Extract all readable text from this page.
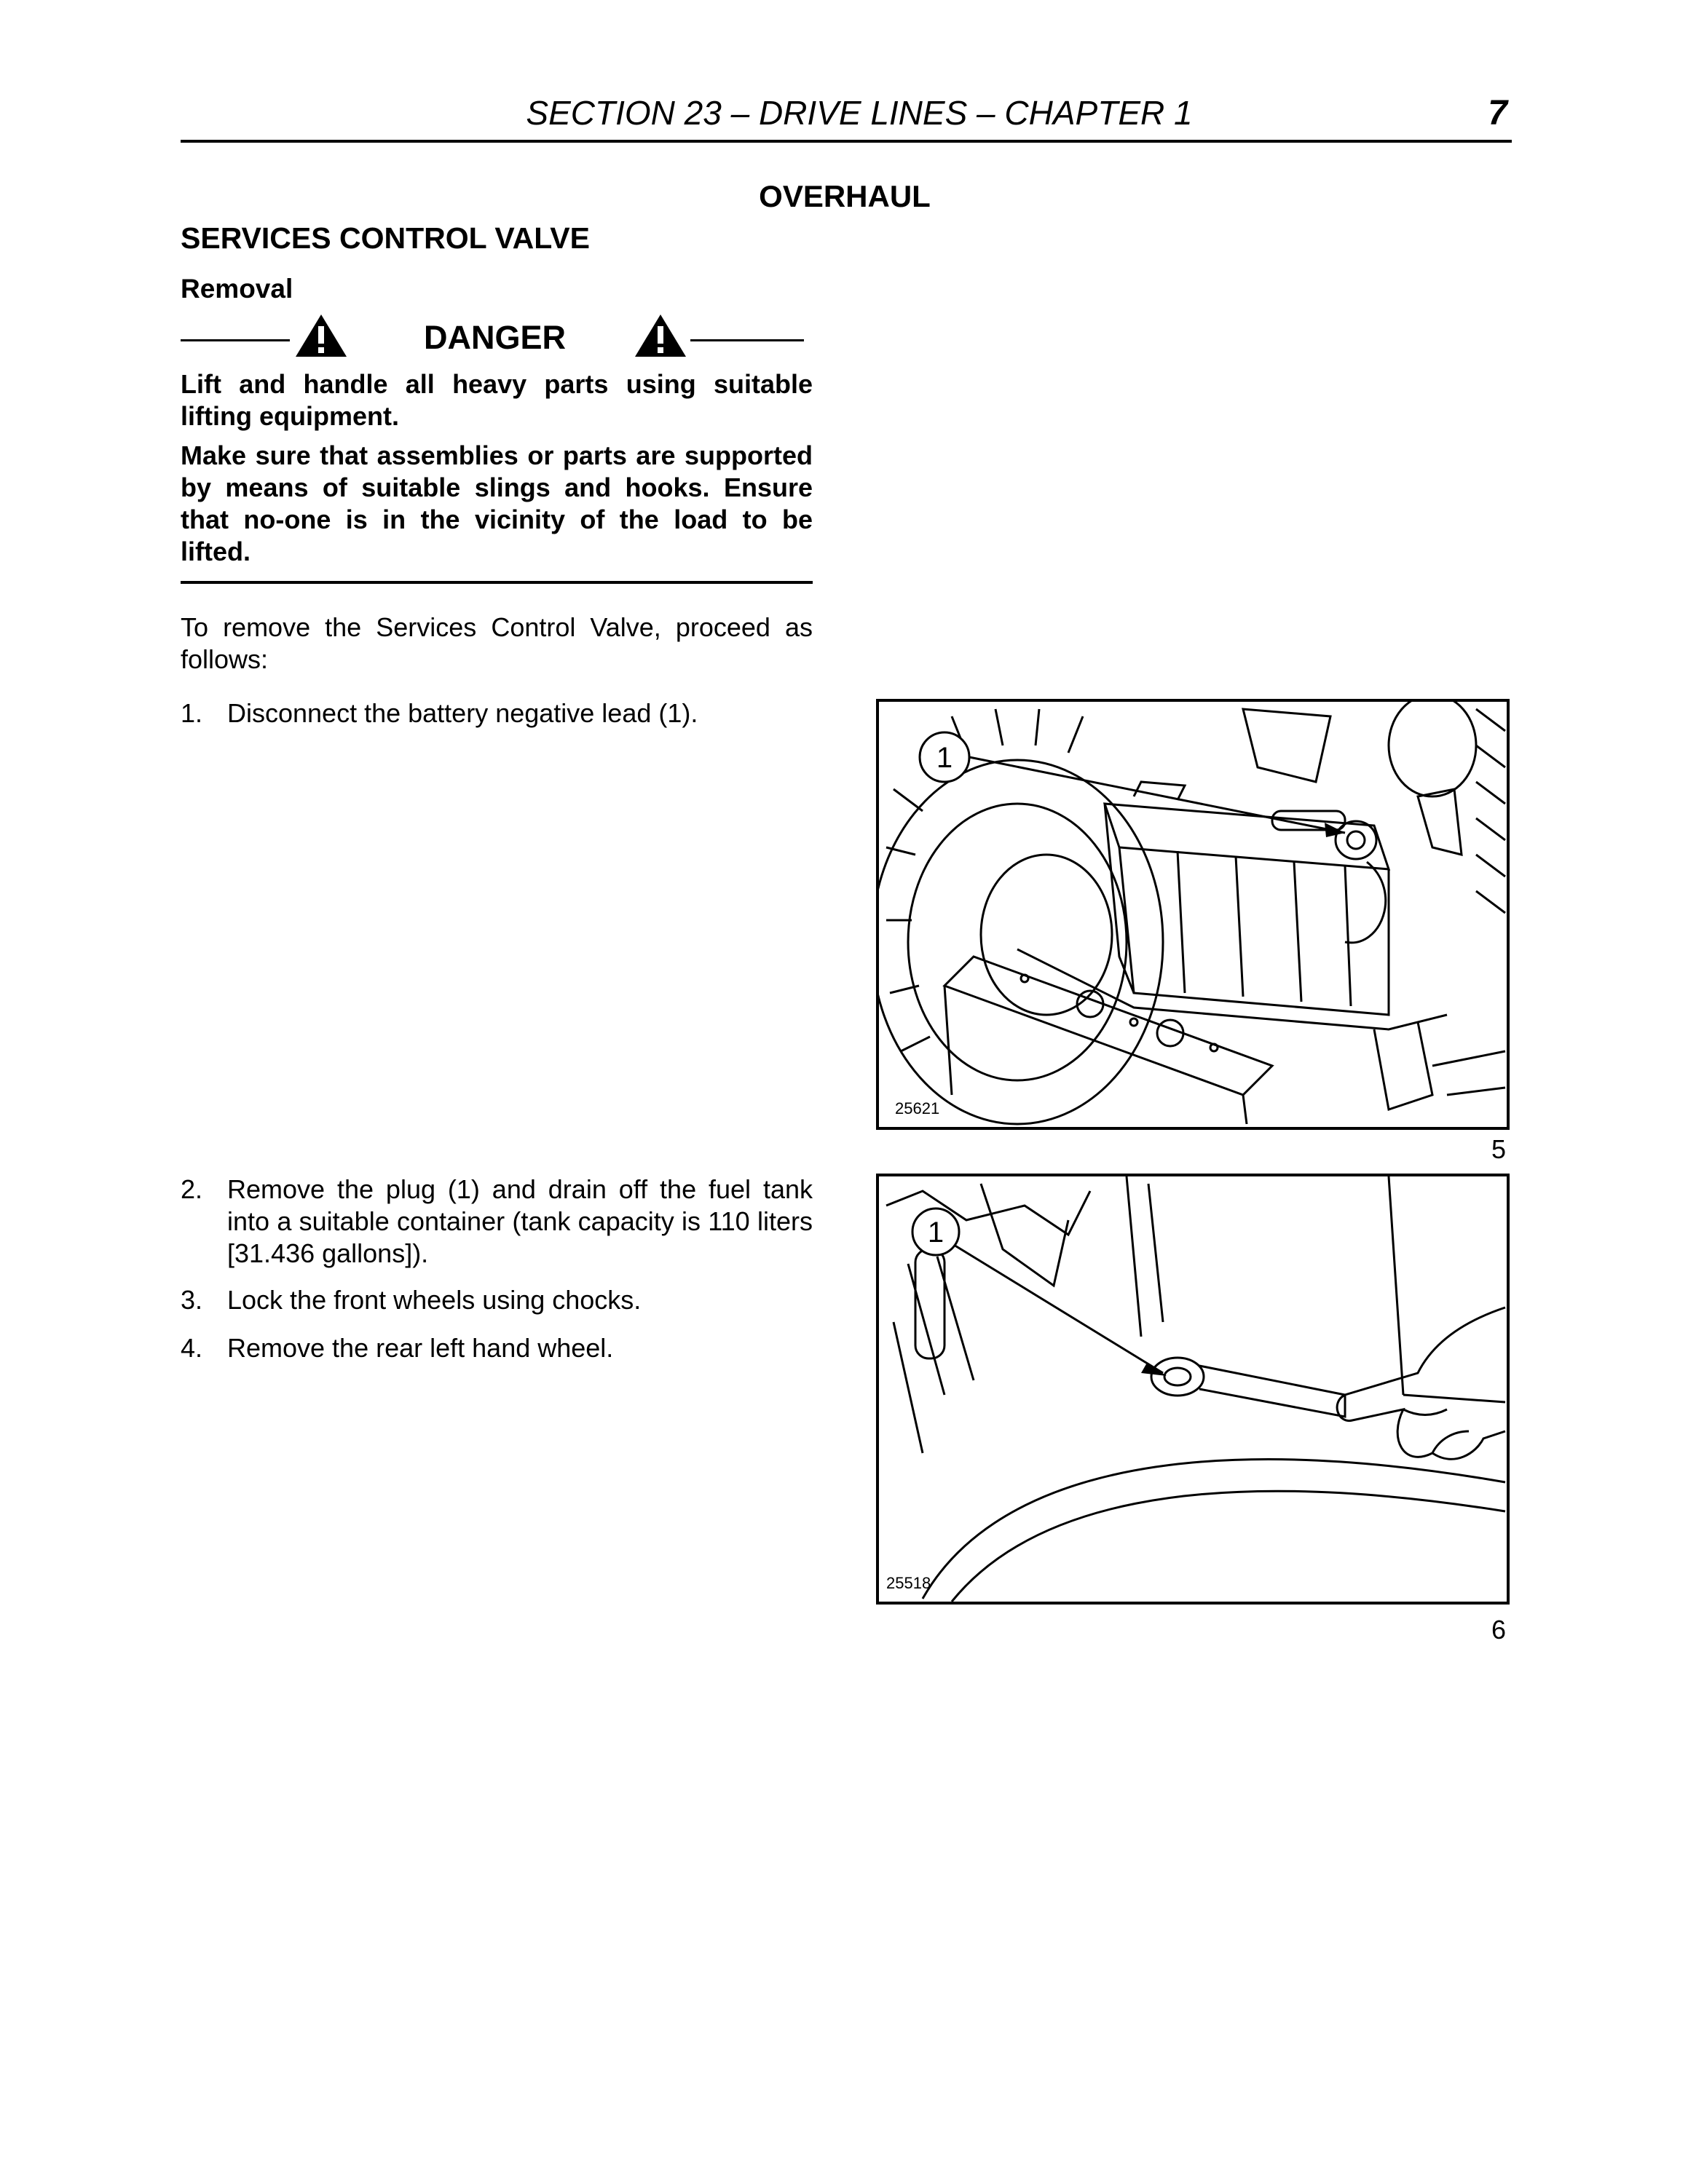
SECTION 23 – DRIVE LINES – CHAPTER 1	7
OVERHAUL
SERVICES CONTROL VALVE
Removal
DANGER
Lift and handle all heavy parts using suitable lifting equipment.
Make sure that assemblies or parts are supported by means of suitable slings and hooks. Ensure that no-one is in the vicinity of the load to be lifted.
To remove the Services Control Valve, proceed as follows:
1. Disconnect the battery negative lead (1).
2. Remove the plug (1) and drain off the fuel tank into a suitable container (tank capacity is 110 liters [31.436 gallons]).
3. Lock the front wheels using chocks.
4. Remove the rear left hand wheel.
1
25621
5
1
25518
6
